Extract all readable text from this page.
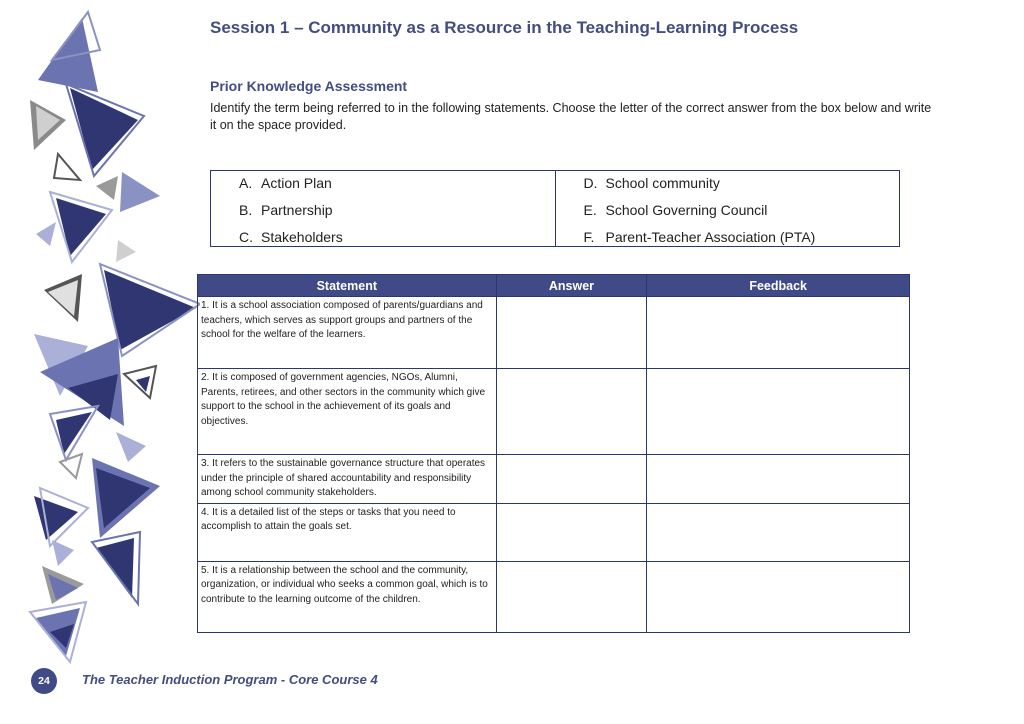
Session 1 – Community as a Resource in the Teaching-Learning Process
Prior Knowledge Assessment
Identify the term being referred to in the following statements. Choose the letter of the correct answer from the box below and write it on the space provided.
A. Action Plan
B. Partnership
C. Stakeholders
D. School community
E. School Governing Council
F. Parent-Teacher Association (PTA)
Statement	Answer	Feedback
1. It is a school association composed of parents/guardians and teachers, which serves as support groups and partners of the school for the welfare of the learners.		
2. It is composed of government agencies, NGOs, Alumni, Parents, retirees, and other sectors in the community which give support to the school in the achievement of its goals and objectives.		
3. It refers to the sustainable governance structure that operates under the principle of shared accountability and responsibility among school community stakeholders.		
4. It is a detailed list of the steps or tasks that you need to accomplish to attain the goals set.		
5. It is a relationship between the school and the community, organization, or individual who seeks a common goal, which is to contribute to the learning outcome of the children.		
24	The Teacher Induction Program - Core Course 4
